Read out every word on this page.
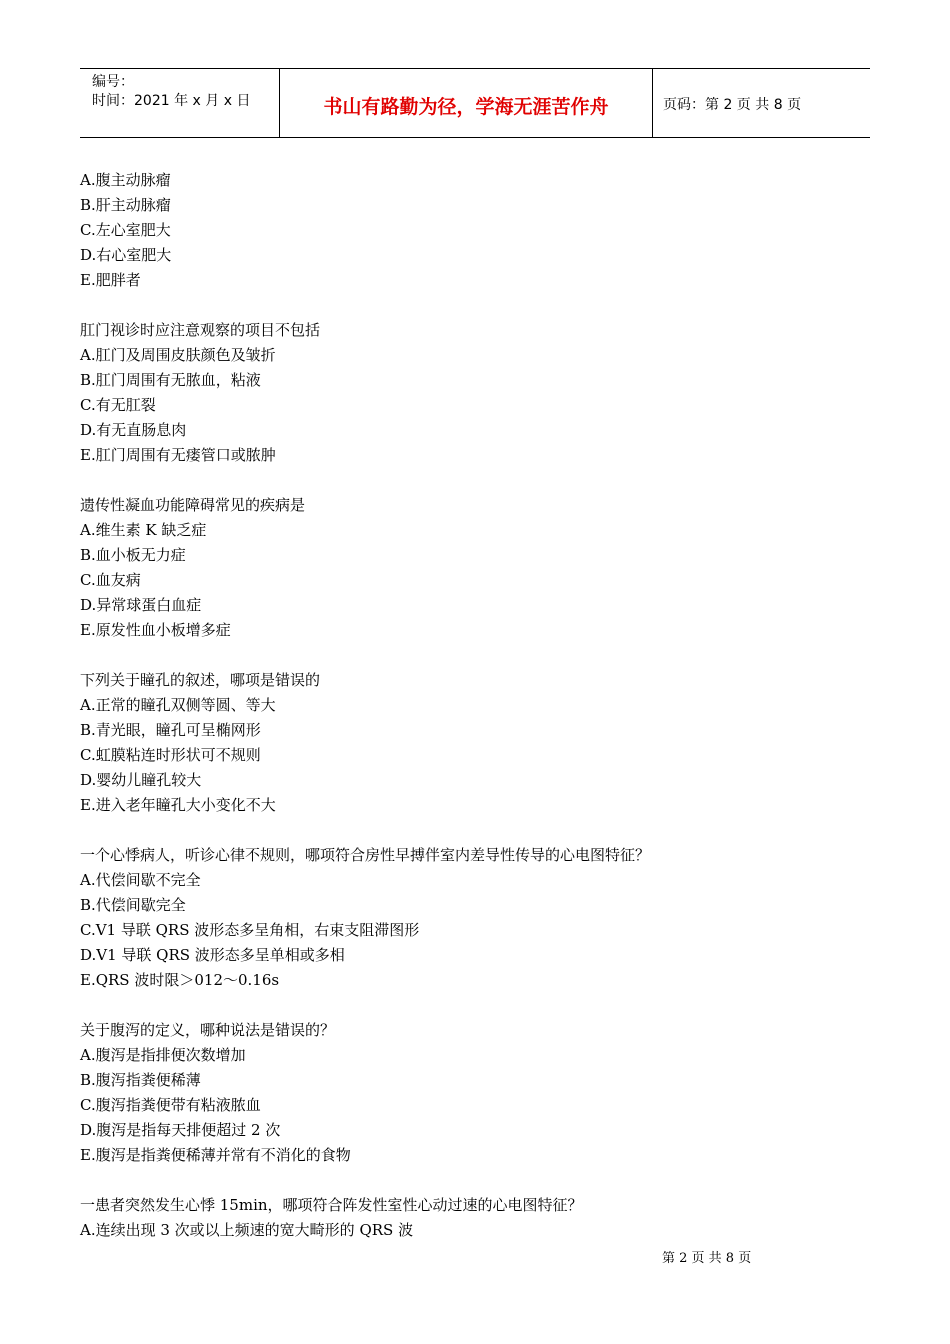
编号：
时间：2021 年 x 月 x 日	书山有路勤为径，学海无涯苦作舟	页码：第 2 页 共 8 页
A.腹主动脉瘤
B.肝主动脉瘤
C.左心室肥大
D.右心室肥大
E.肥胖者
肛门视诊时应注意观察的项目不包括
A.肛门及周围皮肤颜色及皱折
B.肛门周围有无脓血，粘液
C.有无肛裂
D.有无直肠息肉
E.肛门周围有无瘘管口或脓肿
遗传性凝血功能障碍常见的疾病是
A.维生素 K 缺乏症
B.血小板无力症
C.血友病
D.异常球蛋白血症
E.原发性血小板增多症
下列关于瞳孔的叙述，哪项是错误的
A.正常的瞳孔双侧等圆、等大
B.青光眼，瞳孔可呈椭网形
C.虹膜粘连时形状可不规则
D.婴幼儿瞳孔较大
E.进入老年瞳孔大小变化不大
一个心悸病人，听诊心律不规则，哪项符合房性早搏伴室内差导性传导的心电图特征？
A.代偿间歇不完全
B.代偿间歇完全
C.V1 导联 QRS 波形态多呈角相，右束支阻滞图形
D.V1 导联 QRS 波形态多呈单相或多相
E.QRS 波时限＞012～0.16s
关于腹泻的定义，哪种说法是错误的？
A.腹泻是指排便次数增加
B.腹泻指粪便稀薄
C.腹泻指粪便带有粘液脓血
D.腹泻是指每天排便超过 2 次
E.腹泻是指粪便稀薄并常有不消化的食物
一患者突然发生心悸 15min，哪项符合阵发性室性心动过速的心电图特征？
A.连续出现 3 次或以上频速的宽大畸形的 QRS 波
第 2 页 共 8 页
